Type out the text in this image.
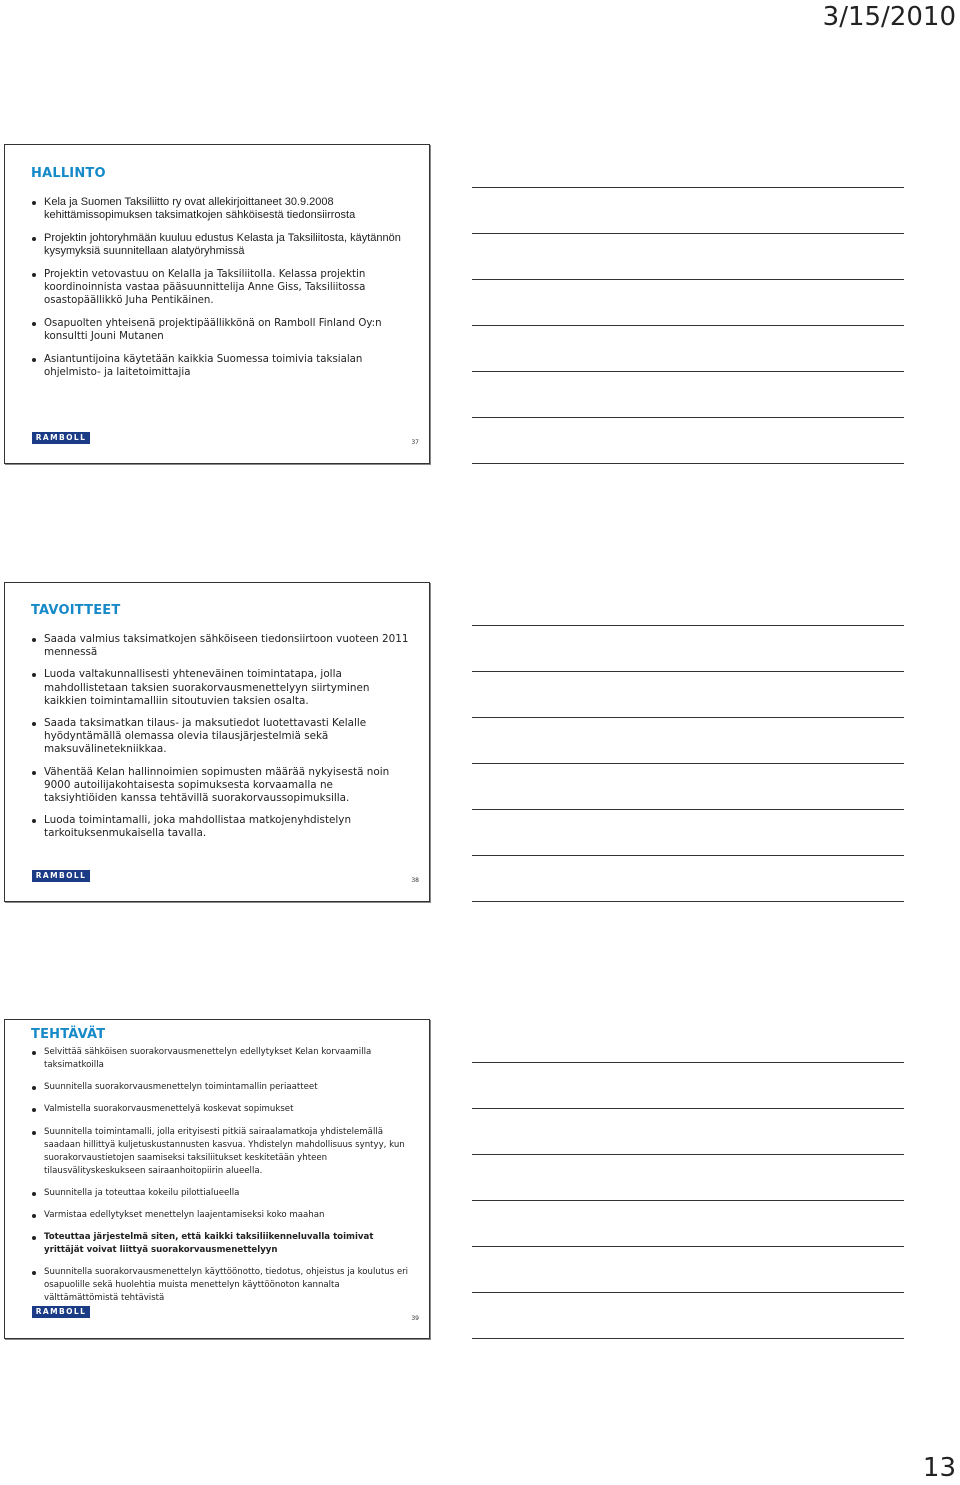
3/15/2010
HALLINTO
Kela ja Suomen Taksiliitto ry ovat allekirjoittaneet 30.9.2008 kehittämissopimuksen taksimatkojen sähköisestä tiedonsiirrosta
Projektin johtoryhmään kuuluu edustus Kelasta ja Taksiliitosta, käytännön kysymyksiä suunnitellaan alatyöryhmissä
Projektin vetovastuu on Kelalla ja Taksiliitolla. Kelassa projektin koordinoinnista vastaa pääsuunnittelija Anne Giss, Taksiliitossa osastopäällikkö Juha Pentikäinen.
Osapuolten yhteisenä projektipäällikkönä on Ramboll Finland Oy:n konsultti Jouni Mutanen
Asiantuntijoina käytetään kaikkia Suomessa toimivia taksialan ohjelmisto- ja laitetoimittajia
RAMBOLL
37
TAVOITTEET
Saada valmius taksimatkojen sähköiseen tiedonsiirtoon vuoteen 2011 mennessä
Luoda valtakunnallisesti yhteneväinen toimintatapa, jolla mahdollistetaan taksien suorakorvausmenettelyyn siirtyminen kaikkien toimintamalliin sitoutuvien taksien osalta.
Saada taksimatkan tilaus- ja maksutiedot luotettavasti Kelalle hyödyntämällä olemassa olevia tilausjärjestelmiä sekä maksuvälinetekniikkaa.
Vähentää Kelan hallinnoimien sopimusten määrää nykyisestä noin 9000 autoilijakohtaisesta sopimuksesta korvaamalla ne taksiyhtiöiden kanssa tehtävillä suorakorvaussopimuksilla.
Luoda toimintamalli, joka mahdollistaa matkojenyhdistelyn tarkoituksenmukaisella tavalla.
RAMBOLL
38
TEHTÄVÄT
Selvittää sähköisen suorakorvausmenettelyn edellytykset Kelan korvaamilla taksimatkoilla
Suunnitella suorakorvausmenettelyn toimintamallin periaatteet
Valmistella suorakorvausmenettelyä koskevat sopimukset
Suunnitella toimintamalli, jolla erityisesti pitkiä sairaalamatkoja yhdistelemällä saadaan hillittyä kuljetuskustannusten kasvua. Yhdistelyn mahdollisuus syntyy, kun suorakorvaustietojen saamiseksi taksiliitukset keskitetään yhteen tilausvälityskeskukseen sairaanhoitopiirin alueella.
Suunnitella ja toteuttaa kokeilu pilottialueella
Varmistaa edellytykset menettelyn laajentamiseksi koko maahan
Toteuttaa järjestelmä siten, että kaikki taksiliikenneluvalla toimivat yrittäjät voivat liittyä suorakorvausmenettelyyn
Suunnitella suorakorvausmenettelyn käyttöönotto, tiedotus, ohjeistus ja koulutus eri osapuolille sekä huolehtia muista menettelyn käyttöönoton kannalta välttämättömistä tehtävistä
RAMBOLL
39
13
